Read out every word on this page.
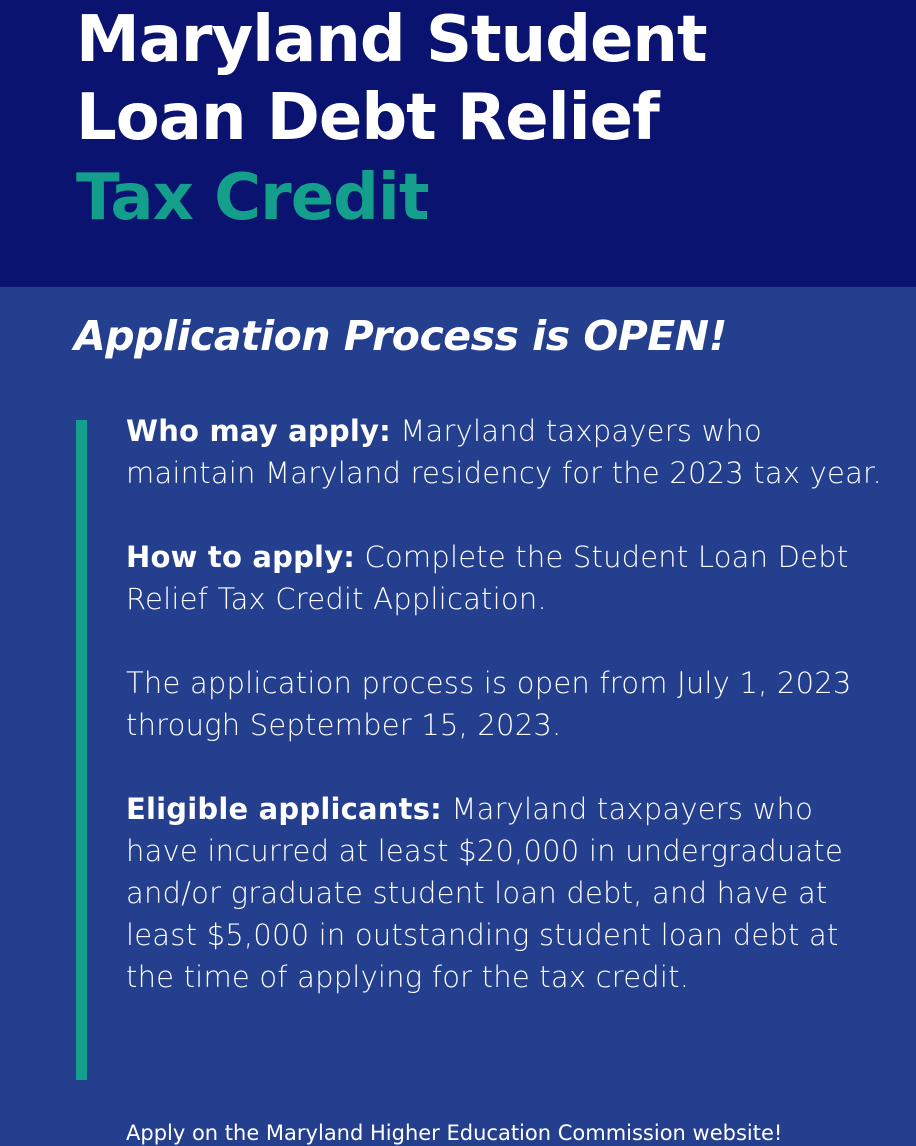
Maryland Student
Loan Debt Relief
Tax Credit
Application Process is OPEN!

Who may apply: Maryland taxpayers who maintain Maryland residency for the 2023 tax year.

How to apply: Complete the Student Loan Debt Relief Tax Credit Application.

The application process is open from July 1, 2023 through September 15, 2023.

Eligible applicants: Maryland taxpayers who have incurred at least $20,000 in undergraduate and/or graduate student loan debt, and have at least $5,000 in outstanding student loan debt at the time of applying for the tax credit.

Apply on the Maryland Higher Education Commission website!
